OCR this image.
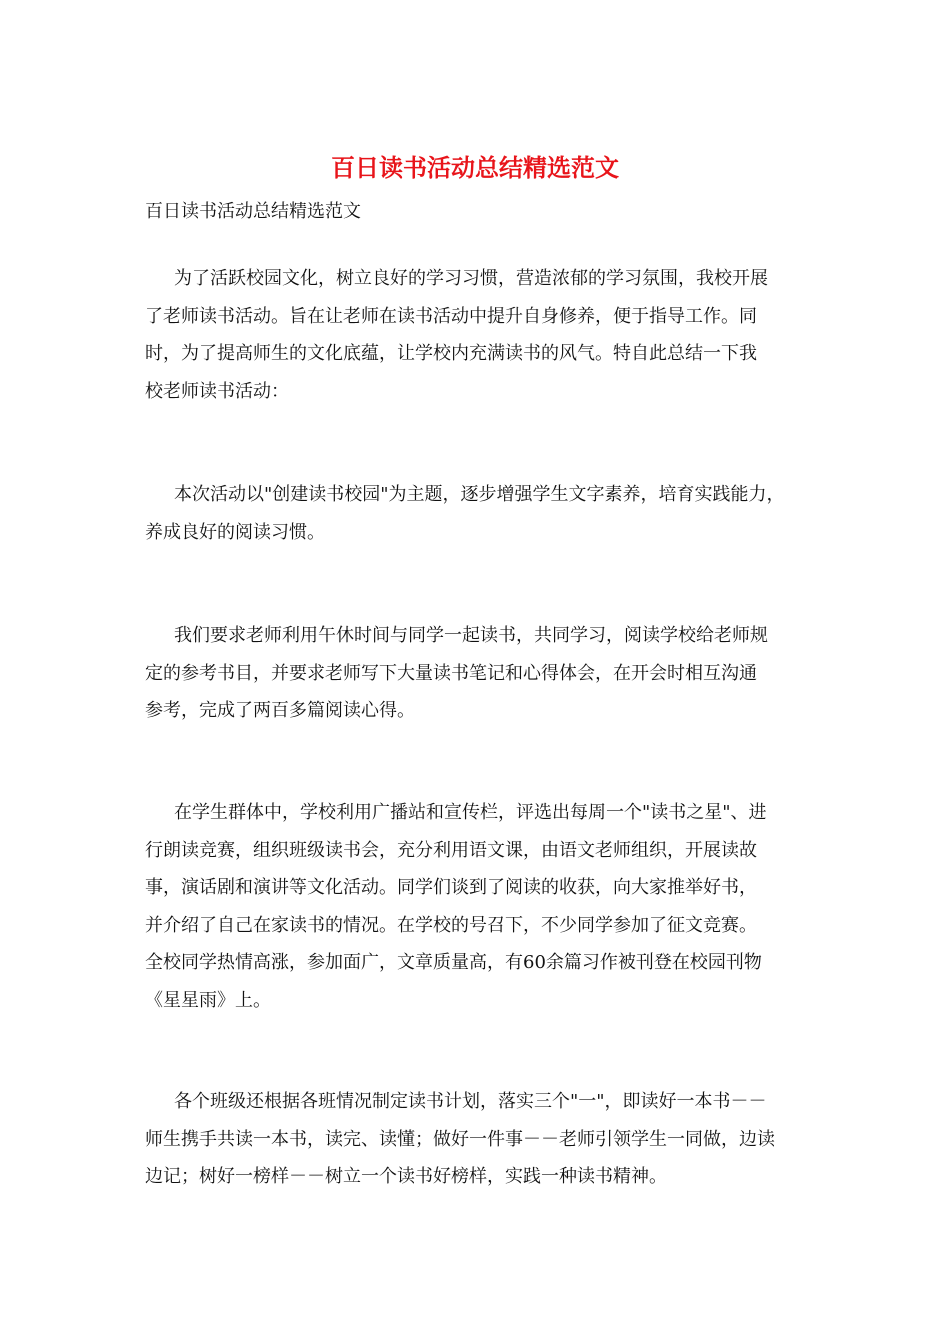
百日读书活动总结精选范文

百日读书活动总结精选范文

为了活跃校园文化，树立良好的学习习惯，营造浓郁的学习氛围，我校开展
了老师读书活动。旨在让老师在读书活动中提升自身修养，便于指导工作。同
时，为了提高师生的文化底蕴，让学校内充满读书的风气。特自此总结一下我
校老师读书活动：
本次活动以"创建读书校园"为主题，逐步增强学生文字素养，培育实践能力，
养成良好的阅读习惯。
我们要求老师利用午休时间与同学一起读书，共同学习，阅读学校给老师规
定的参考书目，并要求老师写下大量读书笔记和心得体会，在开会时相互沟通
参考，完成了两百多篇阅读心得。
在学生群体中，学校利用广播站和宣传栏，评选出每周一个"读书之星"、进
行朗读竞赛，组织班级读书会，充分利用语文课，由语文老师组织，开展读故
事，演话剧和演讲等文化活动。同学们谈到了阅读的收获，向大家推举好书，
并介绍了自己在家读书的情况。在学校的号召下，不少同学参加了征文竞赛。
全校同学热情高涨，参加面广，文章质量高，有60余篇习作被刊登在校园刊物
《星星雨》上。
各个班级还根据各班情况制定读书计划，落实三个"一"，即读好一本书－－
师生携手共读一本书，读完、读懂；做好一件事－－老师引领学生一同做，边读
边记；树好一榜样－－树立一个读书好榜样，实践一种读书精神。
